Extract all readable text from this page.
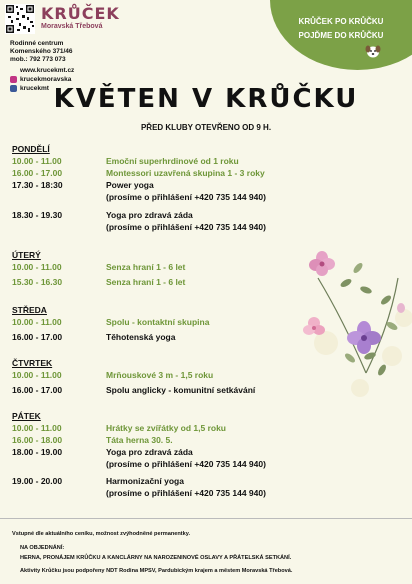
KRŮČEK
Moravská Třebová
Rodinné centrum
Komenského 371/46
mob.: 792 773 073
www.krucekmt.cz
krucekmoravska
krucekmt
KRŮČEK PO KRŮČKU
POJĎME DO KRŮČKU
KVĚTEN V KRŮČKU
PŘED KLUBY OTEVŘENO OD 9 H.
PONDĚLÍ
10.00 - 11.00	Emoční superhrdinové od 1 roku
16.00 - 17.00	Montessori uzavřená skupina 1 - 3 roky
17.30 - 18:30	Power yoga
(prosíme o přihlášení +420 735 144 940)
18.30 - 19.30	Yoga pro zdravá záda
(prosíme o přihlášení +420 735 144 940)
ÚTERÝ
10.00 - 11.00	Senza hraní 1 - 6 let
15.30 - 16.30	Senza hraní 1 - 6 let
STŘEDA
10.00 - 11.00	Spolu - kontaktní skupina
16.00 - 17.00	Těhotenská yoga
ČTVRTEK
10.00 - 11.00	Mrňouskové 3 m - 1,5 roku
16.00 - 17.00	Spolu anglicky - komunitní setkávání
PÁTEK
10.00 - 11.00	Hrátky se zvířátky od 1,5 roku
16.00 - 18.00	Táta herna 30. 5.
18.00 - 19.00	Yoga pro zdravá záda
(prosíme o přihlášení +420 735 144 940)
19.00 - 20.00	Harmonizační yoga
(prosíme o přihlášení +420 735 144 940)
Vstupné dle aktuálního ceníku, možnost zvýhodněné permanentky.
NA OBJEDNÁNÍ:
HERNA, PRONÁJEM KRŮČKU A KANCLÁRNY NA NAROZENINOVÉ OSLAVY A PŘÁTELSKÁ SETKÁNÍ.
Aktivity Krůčku jsou podpořeny NDT Rodina MPSV, Pardubickým krajem a městem Moravská Třebová.
